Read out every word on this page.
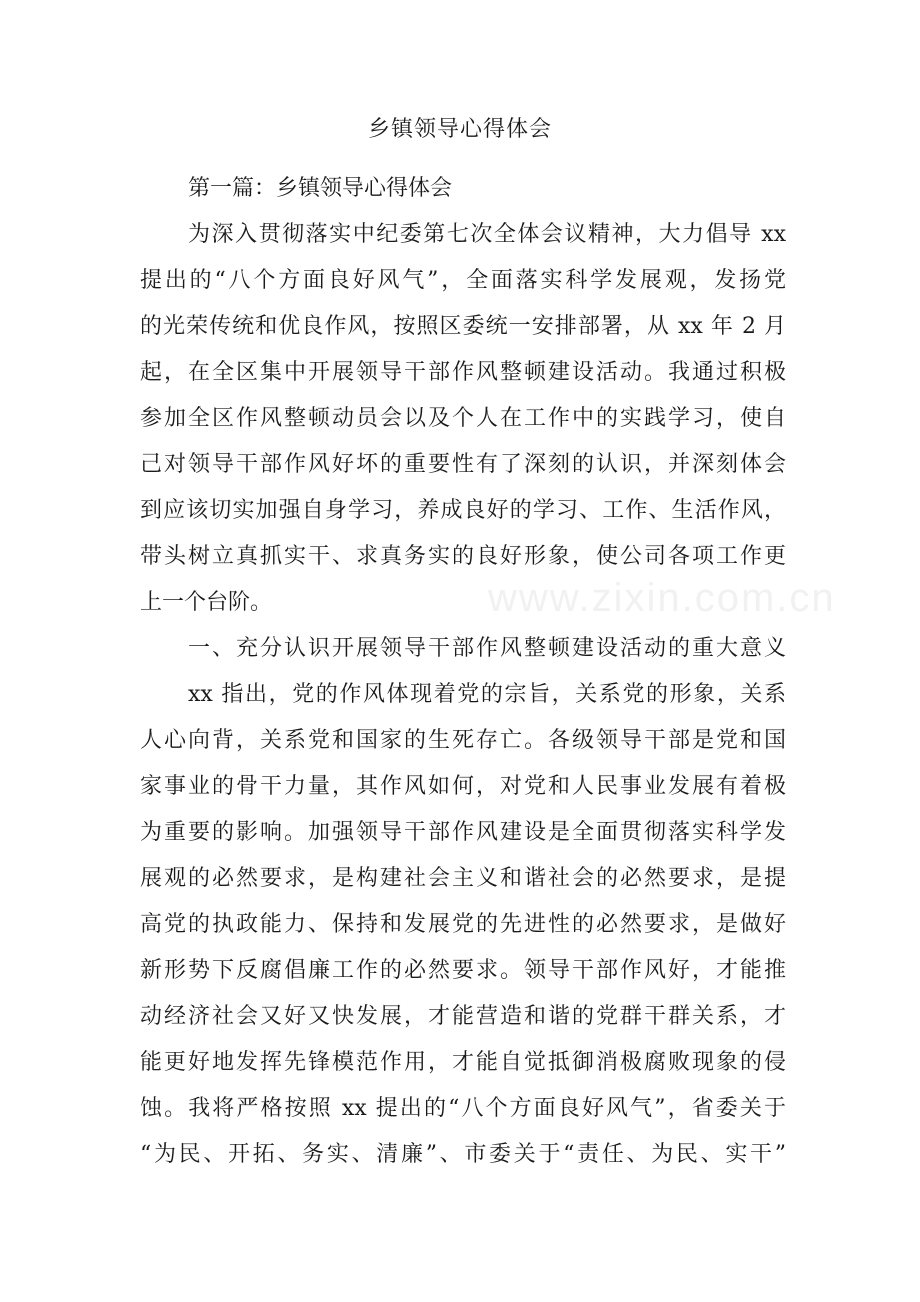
乡镇领导心得体会
第一篇：乡镇领导心得体会
为深入贯彻落实中纪委第七次全体会议精神，大力倡导 xx
提出的“八个方面良好风气”，全面落实科学发展观，发扬党
的光荣传统和优良作风，按照区委统一安排部署，从 xx 年 2 月
起，在全区集中开展领导干部作风整顿建设活动。我通过积极
参加全区作风整顿动员会以及个人在工作中的实践学习，使自
己对领导干部作风好坏的重要性有了深刻的认识，并深刻体会
到应该切实加强自身学习，养成良好的学习、工作、生活作风，
带头树立真抓实干、求真务实的良好形象，使公司各项工作更
上一个台阶。
一、充分认识开展领导干部作风整顿建设活动的重大意义
xx 指出，党的作风体现着党的宗旨，关系党的形象，关系
人心向背，关系党和国家的生死存亡。各级领导干部是党和国
家事业的骨干力量，其作风如何，对党和人民事业发展有着极
为重要的影响。加强领导干部作风建设是全面贯彻落实科学发
展观的必然要求，是构建社会主义和谐社会的必然要求，是提
高党的执政能力、保持和发展党的先进性的必然要求，是做好
新形势下反腐倡廉工作的必然要求。领导干部作风好，才能推
动经济社会又好又快发展，才能营造和谐的党群干群关系，才
能更好地发挥先锋模范作用，才能自觉抵御消极腐败现象的侵
蚀。我将严格按照 xx 提出的“八个方面良好风气”，省委关于
“为民、开拓、务实、清廉”、市委关于“责任、为民、实干”
www.zixin.com.cn
